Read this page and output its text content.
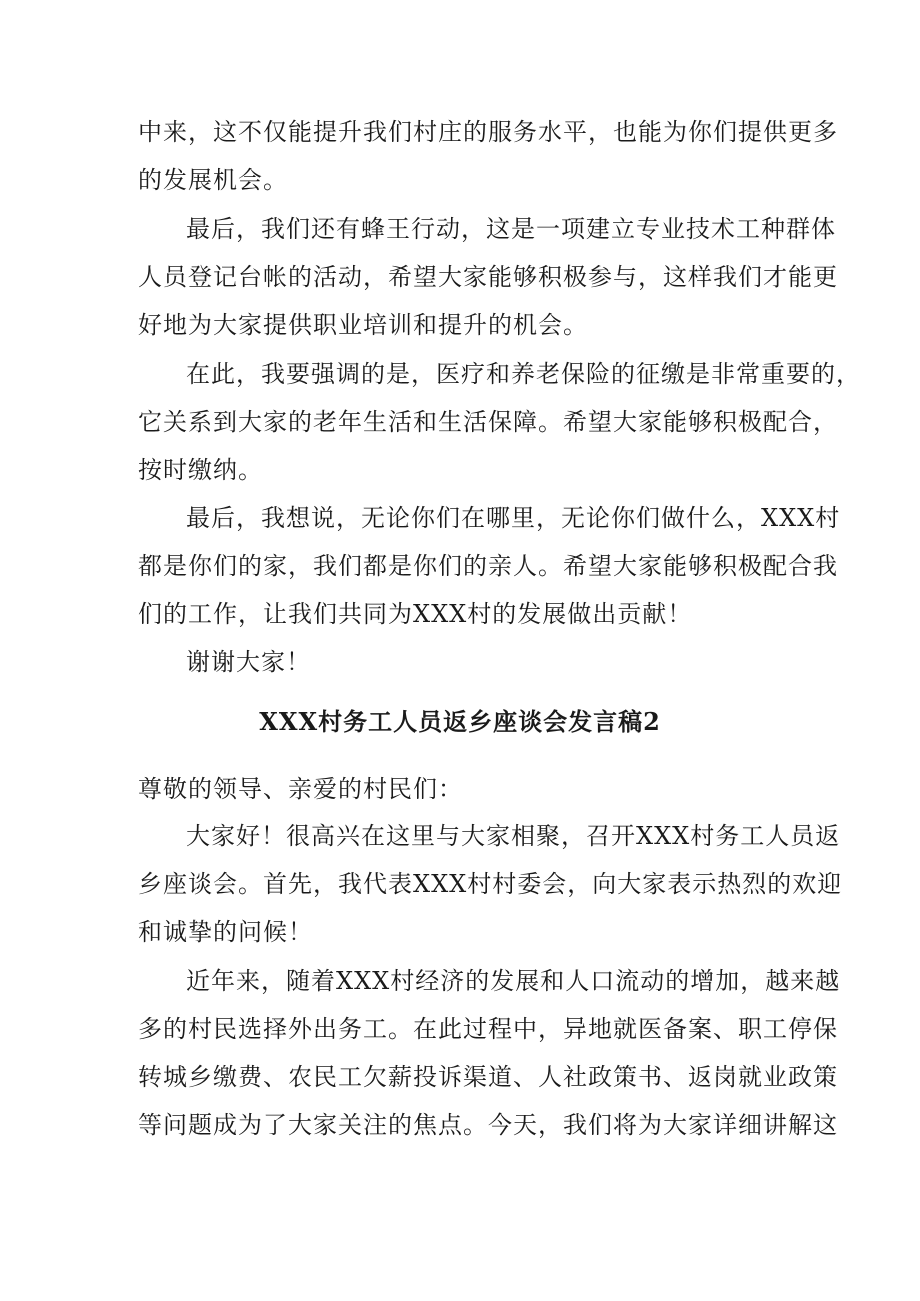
中来，这不仅能提升我们村庄的服务水平，也能为你们提供更多
的发展机会。
最后，我们还有蜂王行动，这是一项建立专业技术工种群体
人员登记台帐的活动，希望大家能够积极参与，这样我们才能更
好地为大家提供职业培训和提升的机会。
在此，我要强调的是，医疗和养老保险的征缴是非常重要的，
它关系到大家的老年生活和生活保障。希望大家能够积极配合，
按时缴纳。
最后，我想说，无论你们在哪里，无论你们做什么，XXX村
都是你们的家，我们都是你们的亲人。希望大家能够积极配合我
们的工作，让我们共同为XXX村的发展做出贡献！
谢谢大家！
XXX村务工人员返乡座谈会发言稿2
尊敬的领导、亲爱的村民们：
大家好！很高兴在这里与大家相聚，召开XXX村务工人员返
乡座谈会。首先，我代表XXX村村委会，向大家表示热烈的欢迎
和诚挚的问候！
近年来，随着XXX村经济的发展和人口流动的增加，越来越
多的村民选择外出务工。在此过程中，异地就医备案、职工停保
转城乡缴费、农民工欠薪投诉渠道、人社政策书、返岗就业政策
等问题成为了大家关注的焦点。今天，我们将为大家详细讲解这
